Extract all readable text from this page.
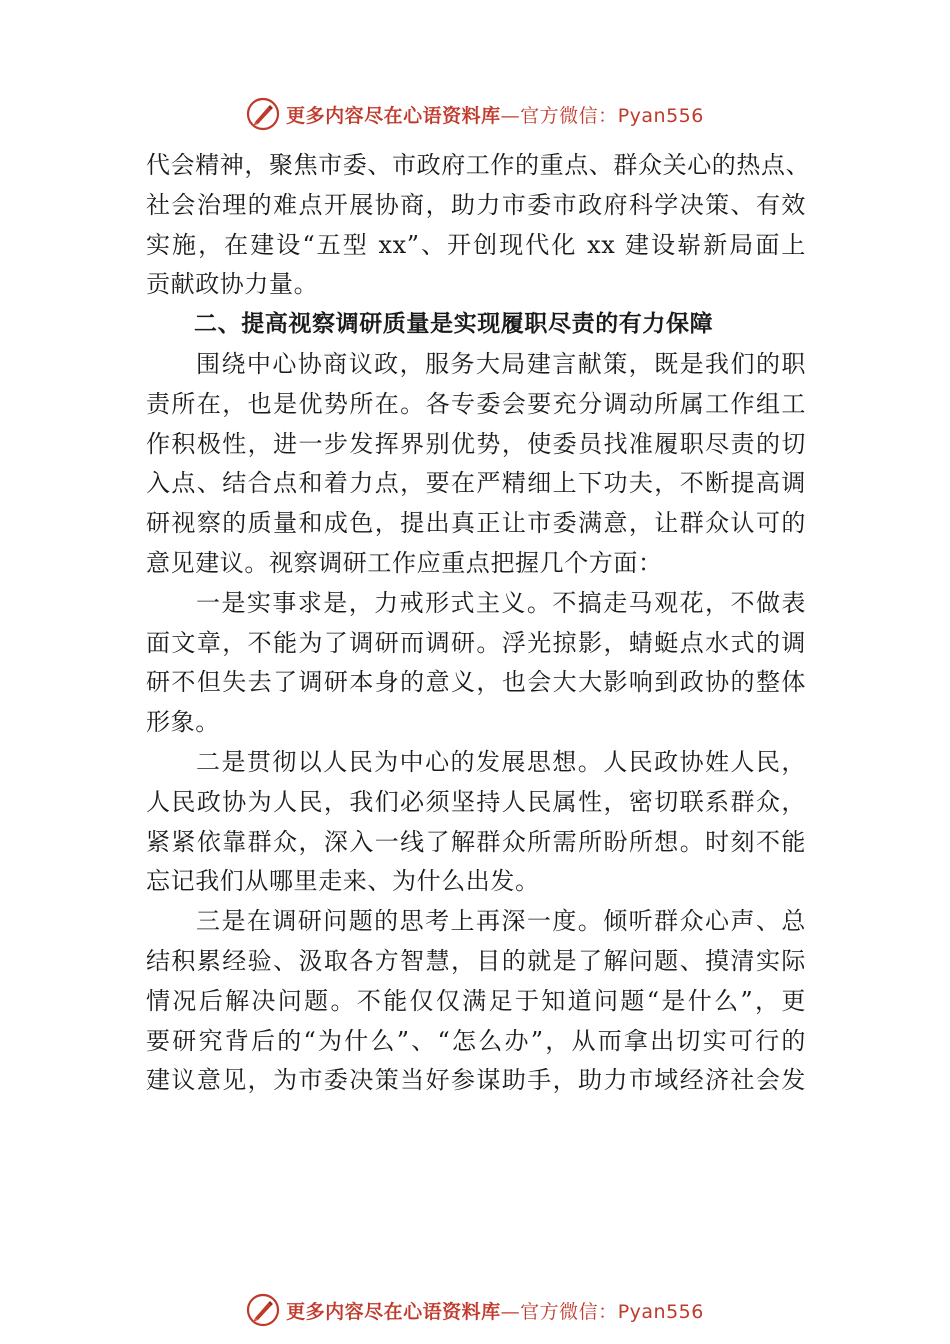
更多内容尽在心语资料库—官方微信：Pyan556
代会精神，聚焦市委、市政府工作的重点、群众关心的热点、
社会治理的难点开展协商，助力市委市政府科学决策、有效
实施，在建设“五型 xx”、开创现代化 xx 建设崭新局面上
贡献政协力量。
二、提高视察调研质量是实现履职尽责的有力保障
围绕中心协商议政，服务大局建言献策，既是我们的职
责所在，也是优势所在。各专委会要充分调动所属工作组工
作积极性，进一步发挥界别优势，使委员找准履职尽责的切
入点、结合点和着力点，要在严精细上下功夫，不断提高调
研视察的质量和成色，提出真正让市委满意，让群众认可的
意见建议。视察调研工作应重点把握几个方面：
一是实事求是，力戒形式主义。不搞走马观花，不做表
面文章，不能为了调研而调研。浮光掠影，蜻蜓点水式的调
研不但失去了调研本身的意义，也会大大影响到政协的整体
形象。
二是贯彻以人民为中心的发展思想。人民政协姓人民，
人民政协为人民，我们必须坚持人民属性，密切联系群众，
紧紧依靠群众，深入一线了解群众所需所盼所想。时刻不能
忘记我们从哪里走来、为什么出发。
三是在调研问题的思考上再深一度。倾听群众心声、总
结积累经验、汲取各方智慧，目的就是了解问题、摸清实际
情况后解决问题。不能仅仅满足于知道问题“是什么”，更
要研究背后的“为什么”、“怎么办”，从而拿出切实可行的
建议意见，为市委决策当好参谋助手，助力市域经济社会发
更多内容尽在心语资料库—官方微信：Pyan556
